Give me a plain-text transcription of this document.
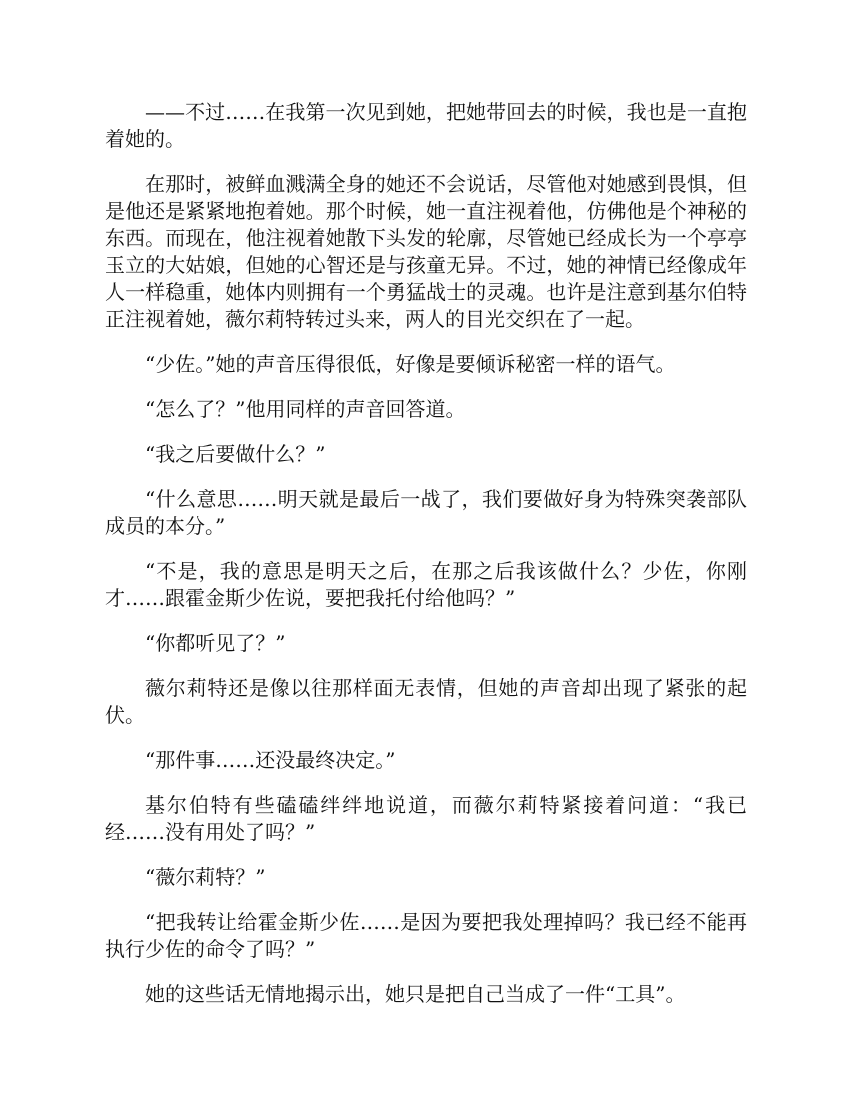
——不过……在我第一次见到她，把她带回去的时候，我也是一直抱着她的。

在那时，被鲜血溅满全身的她还不会说话，尽管他对她感到畏惧，但是他还是紧紧地抱着她。那个时候，她一直注视着他，仿佛他是个神秘的东西。而现在，他注视着她散下头发的轮廓，尽管她已经成长为一个亭亭玉立的大姑娘，但她的心智还是与孩童无异。不过，她的神情已经像成年人一样稳重，她体内则拥有一个勇猛战士的灵魂。也许是注意到基尔伯特正注视着她，薇尔莉特转过头来，两人的目光交织在了一起。

“少佐。”她的声音压得很低，好像是要倾诉秘密一样的语气。

“怎么了？”他用同样的声音回答道。

“我之后要做什么？”

“什么意思……明天就是最后一战了，我们要做好身为特殊突袭部队成员的本分。”

“不是，我的意思是明天之后，在那之后我该做什么？少佐，你刚才……跟霍金斯少佐说，要把我托付给他吗？”

“你都听见了？”

薇尔莉特还是像以往那样面无表情，但她的声音却出现了紧张的起伏。

“那件事……还没最终决定。”

基尔伯特有些磕磕绊绊地说道，而薇尔莉特紧接着问道：“我已经……没有用处了吗？”

“薇尔莉特？”

“把我转让给霍金斯少佐……是因为要把我处理掉吗？我已经不能再执行少佐的命令了吗？”

她的这些话无情地揭示出，她只是把自己当成了一件“工具”。
